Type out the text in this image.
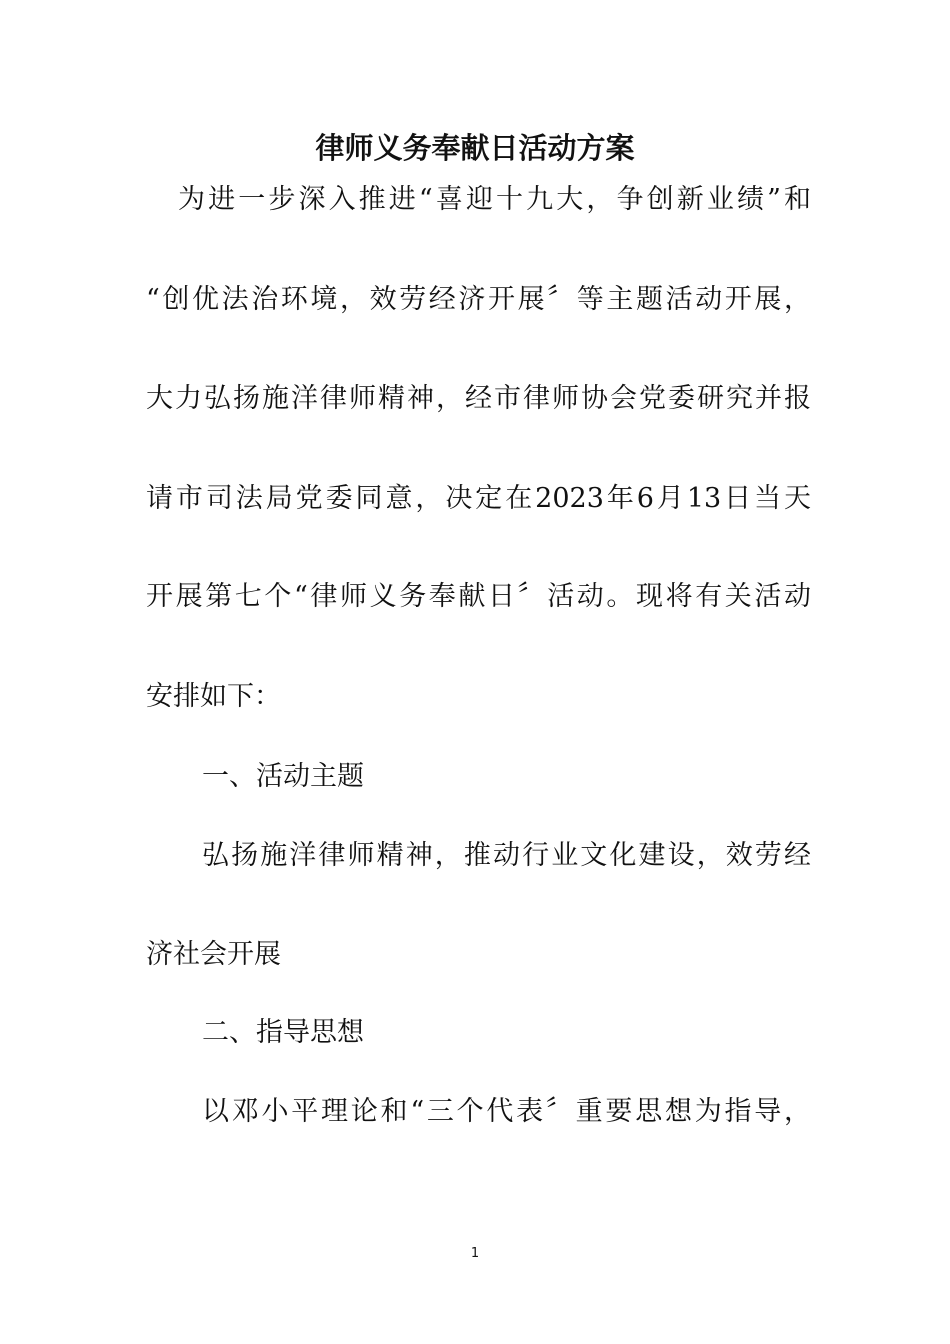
律师义务奉献日活动方案
为进一步深入推进“喜迎十九大，争创新业绩”和
“创优法治环境，效劳经济开展〞等主题活动开展，
大力弘扬施洋律师精神，经市律师协会党委研究并报
请市司法局党委同意，决定在2023年6月13日当天
开展第七个“律师义务奉献日〞活动。现将有关活动
安排如下：
一、活动主题
弘扬施洋律师精神，推动行业文化建设，效劳经
济社会开展
二、指导思想
以邓小平理论和“三个代表〞重要思想为指导，
1
